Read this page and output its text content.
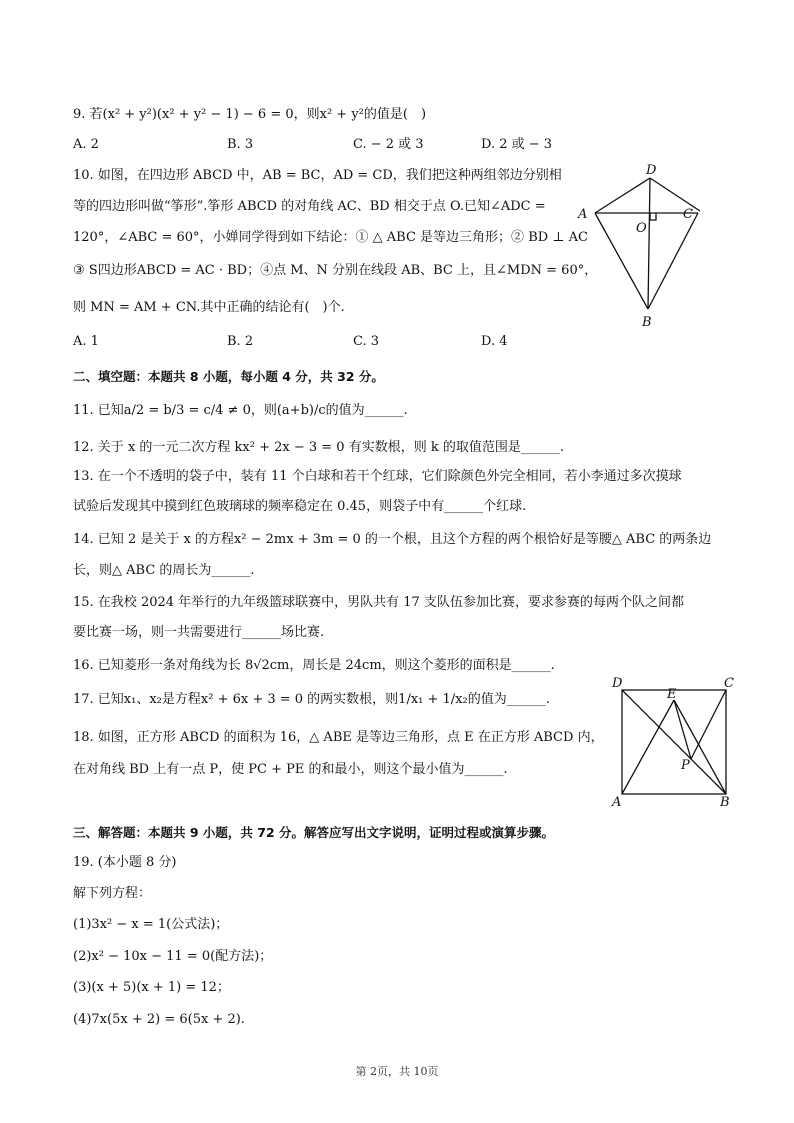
9. 若(x² + y²)(x² + y² − 1) − 6 = 0，则x² + y²的值是(　)
A. 2	B. 3	C. − 2 或 3	D. 2 或 − 3
10. 如图，在四边形 ABCD 中，AB = BC，AD = CD，我们把这种两组邻边分别相
等的四边形叫做“筝形”.筝形 ABCD 的对角线 AC、BD 相交于点 O.已知∠ADC =
120°，∠ABC = 60°，小婵同学得到如下结论：① △ ABC 是等边三角形；② BD ⊥ AC
③ S四边形ABCD = AC · BD；④点 M、N 分别在线段 AB、BC 上，且∠MDN = 60°，
则 MN = AM + CN.其中正确的结论有(　)个.
A. 1	B. 2	C. 3	D. 4
D
A	C
O
B
二、填空题：本题共 8 小题，每小题 4 分，共 32 分。
11. 已知a/2 = b/3 = c/4 ≠ 0，则(a+b)/c的值为______.
12. 关于 x 的一元二次方程 kx² + 2x − 3 = 0 有实数根，则 k 的取值范围是______.
13. 在一个不透明的袋子中，装有 11 个白球和若干个红球，它们除颜色外完全相同，若小李通过多次摸球
试验后发现其中摸到红色玻璃球的频率稳定在 0.45，则袋子中有______个红球.
14. 已知 2 是关于 x 的方程x² − 2mx + 3m = 0 的一个根，且这个方程的两个根恰好是等腰△ ABC 的两条边
长，则△ ABC 的周长为______.
15. 在我校 2024 年举行的九年级篮球联赛中，男队共有 17 支队伍参加比赛，要求参赛的每两个队之间都
要比赛一场，则一共需要进行______场比赛.
16. 已知菱形一条对角线为长 8√2cm，周长是 24cm，则这个菱形的面积是______.
17. 已知x₁、x₂是方程x² + 6x + 3 = 0 的两实数根，则1/x₁ + 1/x₂的值为______.
18. 如图，正方形 ABCD 的面积为 16，△ ABE 是等边三角形，点 E 在正方形 ABCD 内，
在对角线 BD 上有一点 P，使 PC + PE 的和最小，则这个最小值为______.
D
E
C
P
A	B
三、解答题：本题共 9 小题，共 72 分。解答应写出文字说明，证明过程或演算步骤。
19. (本小题 8 分)
解下列方程：
(1)3x² − x = 1(公式法)；
(2)x² − 10x − 11 = 0(配方法)；
(3)(x + 5)(x + 1) = 12；
(4)7x(5x + 2) = 6(5x + 2).
第 2页，共 10页
